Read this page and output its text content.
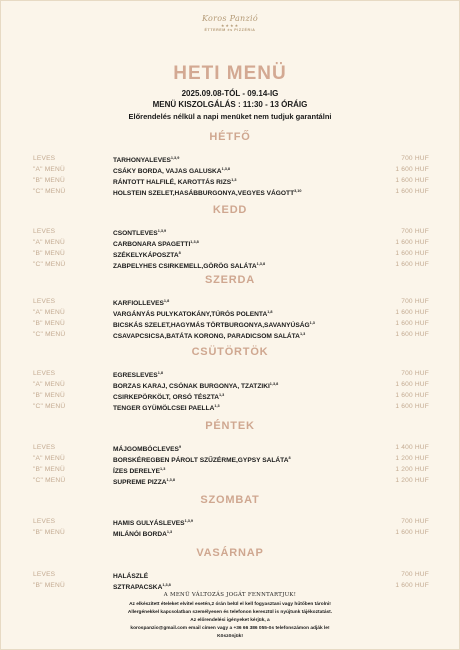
Koros Panzió
★★★★
ÉTTEREM és PIZZÉRIA
HETI MENÜ
2025.09.08-TÓL - 09.14-IG
MENÜ KISZOLGÁLÁS : 11:30 - 13 ÓRÁIG
Előrendelés nélkül a napi menüket nem tudjuk garantálni
HÉTFŐ
LEVES	TARHONYALEVES$^{1,3,9}$	700 HUF
"A" MENÜ	CSÁKY BORDA, VAJAS GALUSKA$^{1,3,8}$	1 600 HUF
"B" MENÜ	RÁNTOTT HALFILÉ, KAROTTÁS RIZS$^{1,3}$	1 600 HUF
"C" MENÜ	HOLSTEIN SZELET,HASÁBBURGONYA,VEGYES VÁGOTT$^{3,10}$	1 600 HUF
KEDD
LEVES	CSONTLEVES$^{1,3,9}$	700 HUF
"A" MENÜ	CARBONARA SPAGETTI$^{1,3,8}$	1 600 HUF
"B" MENÜ	SZÉKELYKÁPOSZTA$^8$	1 600 HUF
"C" MENÜ	ZABPELYHES CSIRKEMELL,GÖRÖG SALÁTA$^{1,3,8}$	1 600 HUF
SZERDA
LEVES	KARFIOLLEVES$^{1,8}$	700 HUF
"A" MENÜ	VARGÁNYÁS PULYKATOKÁNY,TÚRÓS POLENTA$^{1,8}$	1 600 HUF
"B" MENÜ	BICSKÁS SZELET,HAGYMÁS TÖRTBURGONYA,SAVANYÚSÁG$^{1,3}$	1 600 HUF
"C" MENÜ	CSAVAPCSICSA,BATÁTA KORONG, PARADICSOM SALÁTA$^{1,3}$	1 600 HUF
CSÜTÖRTÖK
LEVES	EGRESLEVES$^{1,8}$	700 HUF
"A" MENÜ	BORZAS KARAJ, CSÓNAK BURGONYA, TZATZIKI$^{1,3,8}$	1 600 HUF
"B" MENÜ	CSIRKEPÖRKÖLT, ORSÓ TÉSZTA$^{1,3}$	1 600 HUF
"C" MENÜ	TENGER GYÜMÖLCSEI PAELLA$^{1,3}$	1 600 HUF
PÉNTEK
LEVES	MÁJGOMBÓCLEVES$^9$	1 400 HUF
"A" MENÜ	BORSKÉREGBEN PÁROLT SZŰZÉRME,GYPSY SALÁTA$^8$	1 200 HUF
"B" MENÜ	ÍZES DERELYE$^{1,3}$	1 200 HUF
"C" MENÜ	SUPREME PIZZA$^{1,3,8}$	1 200 HUF
SZOMBAT
LEVES	HAMIS GULYÁSLEVES$^{1,3,9}$	700 HUF
"B" MENÜ	MILÁNÓI BORDA$^{1,3}$	1 600 HUF
VASÁRNAP
LEVES	HALÁSZLÉ	700 HUF
"B" MENÜ	SZTRAPACSKA$^{1,3,8}$	1 600 HUF
A MENÜ VÁLTOZÁS JOGÁT FENNTARTJUK!
Az elkészített ételeket elvitel esetén,2 órán belül el kell fogyasztani vagy hűtőben tárolni!
Allergénekkel kapcsolatban személyesen és telefonon keresztül is nyújtunk tájékoztatást.
Az előrendelési igényeket kérjük, a
korospanzio@gmail.com email címen vagy a +36 66 386 055-ös telefonszámon adják le!
Köszönjük!
